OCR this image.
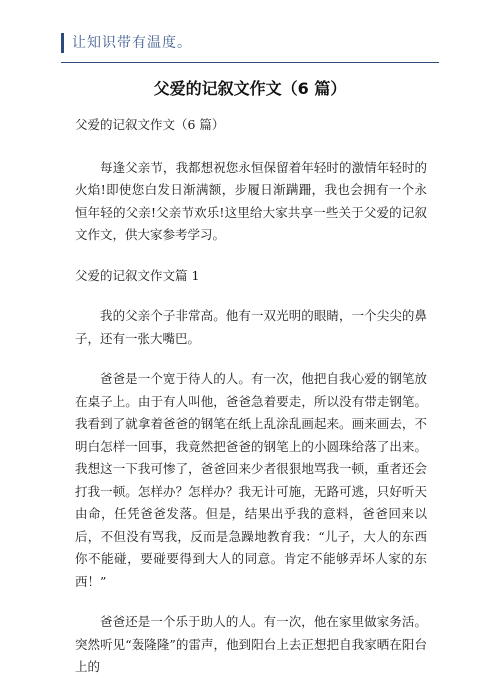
让知识带有温度。
父爱的记叙文作文（6 篇）

父爱的记叙文作文（6 篇）

每逢父亲节，我都想祝您永恒保留着年轻时的激情年轻时的火焰!即使您白发日渐满额，步履日渐蹒跚，我也会拥有一个永恒年轻的父亲!父亲节欢乐!这里给大家共享一些关于父爱的记叙文作文，供大家参考学习。

父爱的记叙文作文篇 1

我的父亲个子非常高。他有一双光明的眼睛，一个尖尖的鼻子，还有一张大嘴巴。

爸爸是一个宽于待人的人。有一次，他把自我心爱的钢笔放在桌子上。由于有人叫他，爸爸急着要走，所以没有带走钢笔。我看到了就拿着爸爸的钢笔在纸上乱涂乱画起来。画来画去，不明白怎样一回事，我竟然把爸爸的钢笔上的小圆珠给落了出来。我想这一下我可惨了，爸爸回来少者很狠地骂我一顿，重者还会打我一顿。怎样办？怎样办？我无计可施，无路可逃，只好听天由命，任凭爸爸发落。但是，结果出乎我的意料，爸爸回来以后，不但没有骂我，反而是急躁地教育我：“儿子，大人的东西你不能碰，要碰要得到大人的同意。肯定不能够弄坏人家的东西！”

爸爸还是一个乐于助人的人。有一次，他在家里做家务活。突然听见“轰隆隆”的雷声，他到阳台上去正想把自我家晒在阳台上的
